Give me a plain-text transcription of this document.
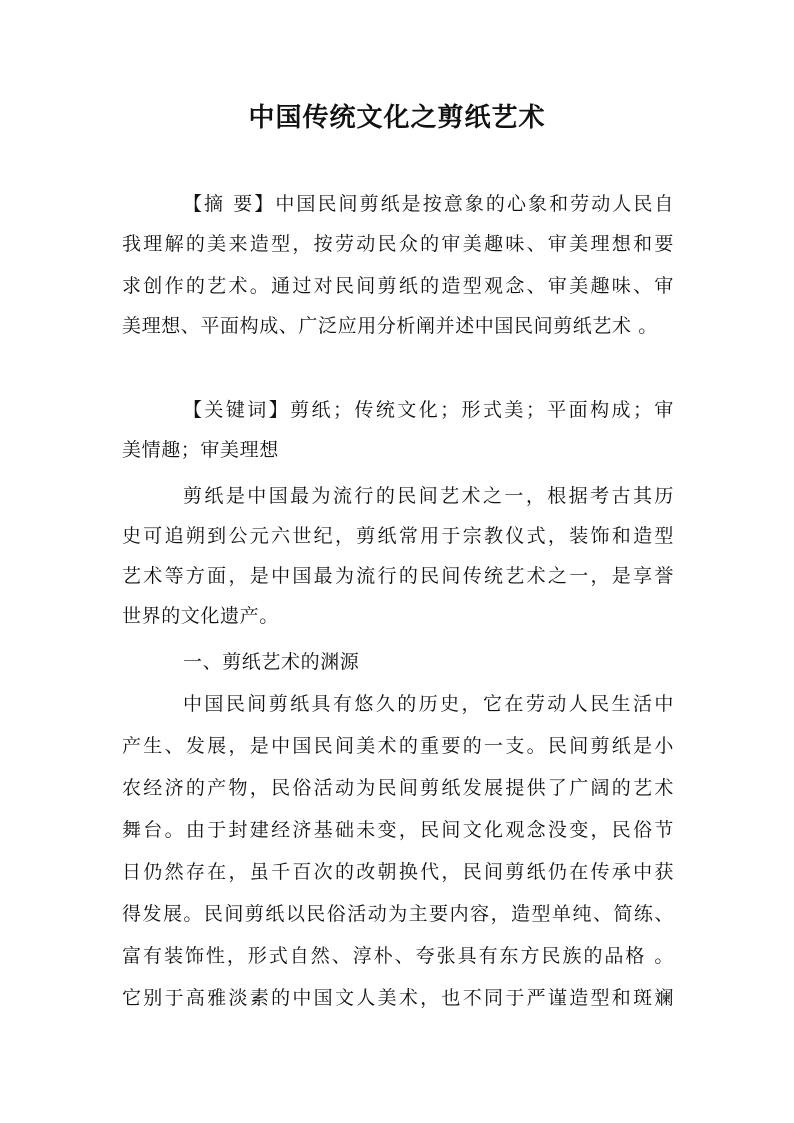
中国传统文化之剪纸艺术
【摘 要】中国民间剪纸是按意象的心象和劳动人民自
我理解的美来造型，按劳动民众的审美趣味、审美理想和要
求创作的艺术。通过对民间剪纸的造型观念、审美趣味、审
美理想、平面构成、广泛应用分析阐并述中国民间剪纸艺术 。
【关键词】剪纸；传统文化；形式美；平面构成；审
美情趣；审美理想
剪纸是中国最为流行的民间艺术之一，根据考古其历
史可追朔到公元六世纪，剪纸常用于宗教仪式，装饰和造型
艺术等方面，是中国最为流行的民间传统艺术之一，是享誉
世界的文化遗产。
一、剪纸艺术的渊源
中国民间剪纸具有悠久的历史，它在劳动人民生活中
产生、发展，是中国民间美术的重要的一支。民间剪纸是小
农经济的产物，民俗活动为民间剪纸发展提供了广阔的艺术
舞台。由于封建经济基础未变，民间文化观念没变，民俗节
日仍然存在，虽千百次的改朝换代，民间剪纸仍在传承中获
得发展。民间剪纸以民俗活动为主要内容，造型单纯、简练、
富有装饰性，形式自然、淳朴、夸张具有东方民族的品格 。
它别于高雅淡素的中国文人美术，也不同于严谨造型和斑斓
